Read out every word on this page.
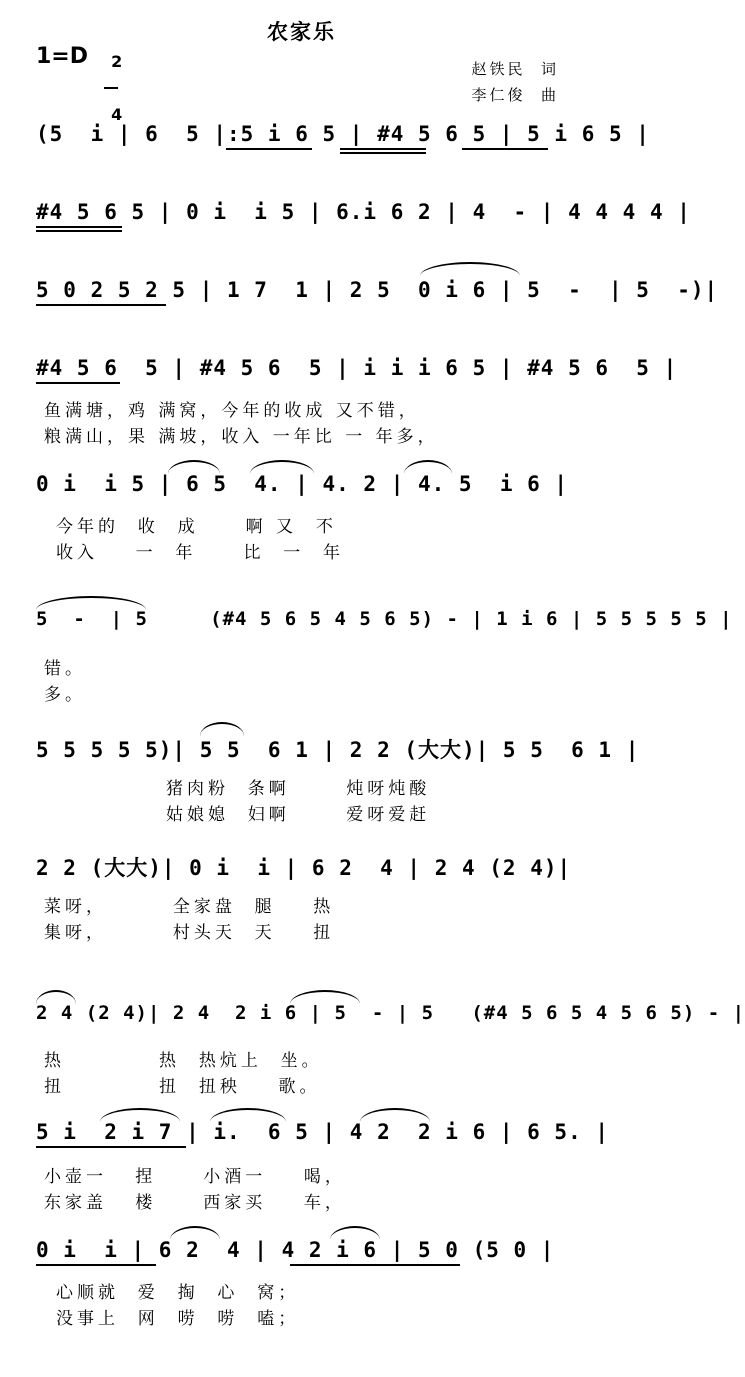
农家乐
1=D	2

4

赵铁民  词
李仁俊  曲
(5  i | 6  5 |:5 i 6 5 | #4 5 6 5 | 5 i 6 5 |
#4 5 6 5 | 0 i  i 5 | 6.i 6 2 | 4  - | 4 4 4 4 |
5 0 2 5 2 5 | 1 7  1 | 2 5  0 i 6 | 5  -  | 5  -)|
#4 5 6  5 | #4 5 6  5 | i i i 6 5 | #4 5 6  5 |
鱼满塘，鸡 满窝，今年的收成 又不错，
粮满山，果 满坡，收入 一年比 一 年多，
0 i  i 5 | 6 5  4. | 4. 2 | 4. 5  i 6 |
今年的  收  成     啊 又  不
收入    一  年     比  一  年
5  -  | 5     (#4 5 6 5 4 5 6 5) - | 1 i 6 | 5 5 5 5 5 |
错。
多。
5 5 5 5 5)| 5 5  6 1 | 2 2 (大大)| 5 5  6 1 |
猪肉粉  条啊      炖呀炖酸
姑娘媳  妇啊      爱呀爱赶
2 2 (大大)| 0 i  i | 6 2  4 | 2 4 (2 4)|
菜呀，       全家盘  腿    热
集呀，       村头天  天    扭
2 4 (2 4)| 2 4  2 i 6 | 5  - | 5   (#4 5 6 5 4 5 6 5) - |
热          热  热炕上  坐。
扭          扭  扭秧    歌。
5 i  2 i 7 | i.  6 5 | 4 2  2 i 6 | 6 5. |
小壶一   捏     小酒一    喝，
东家盖   楼     西家买    车，
0 i  i | 6 2  4 | 4 2 i 6 | 5 0 (5 0 |
心顺就  爱  掏  心  窝；
没事上  网  唠  唠  嗑；
